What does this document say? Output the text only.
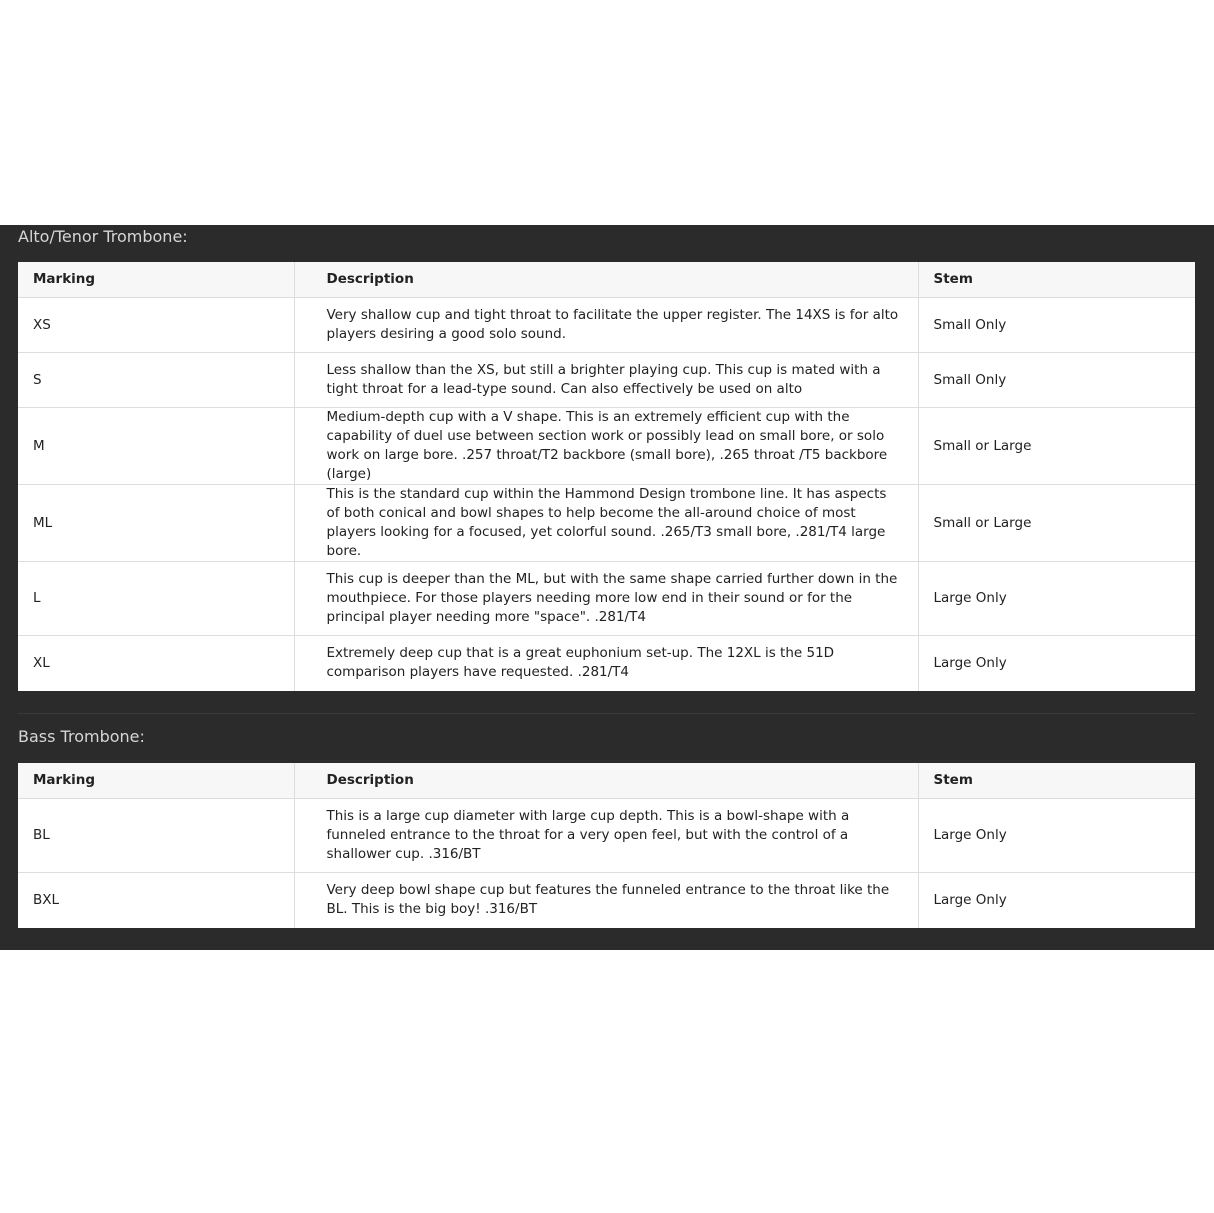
Alto/Tenor Trombone:
Marking	Description	Stem
XS	Very shallow cup and tight throat to facilitate the upper register. The 14XS is for alto players desiring a good solo sound.	Small Only
S	Less shallow than the XS, but still a brighter playing cup. This cup is mated with a tight throat for a lead-type sound. Can also effectively be used on alto	Small Only
M	Medium-depth cup with a V shape. This is an extremely efficient cup with the capability of duel use between section work or possibly lead on small bore, or solo work on large bore. .257 throat/T2 backbore (small bore), .265 throat /T5 backbore (large)	Small or Large
ML	This is the standard cup within the Hammond Design trombone line. It has aspects of both conical and bowl shapes to help become the all-around choice of most players looking for a focused, yet colorful sound. .265/T3 small bore, .281/T4 large bore.	Small or Large
L	This cup is deeper than the ML, but with the same shape carried further down in the mouthpiece. For those players needing more low end in their sound or for the principal player needing more "space". .281/T4	Large Only
XL	Extremely deep cup that is a great euphonium set-up. The 12XL is the 51D comparison players have requested. .281/T4	Large Only
Bass Trombone:
Marking	Description	Stem
BL	This is a large cup diameter with large cup depth. This is a bowl-shape with a funneled entrance to the throat for a very open feel, but with the control of a shallower cup. .316/BT	Large Only
BXL	Very deep bowl shape cup but features the funneled entrance to the throat like the BL. This is the big boy! .316/BT	Large Only
